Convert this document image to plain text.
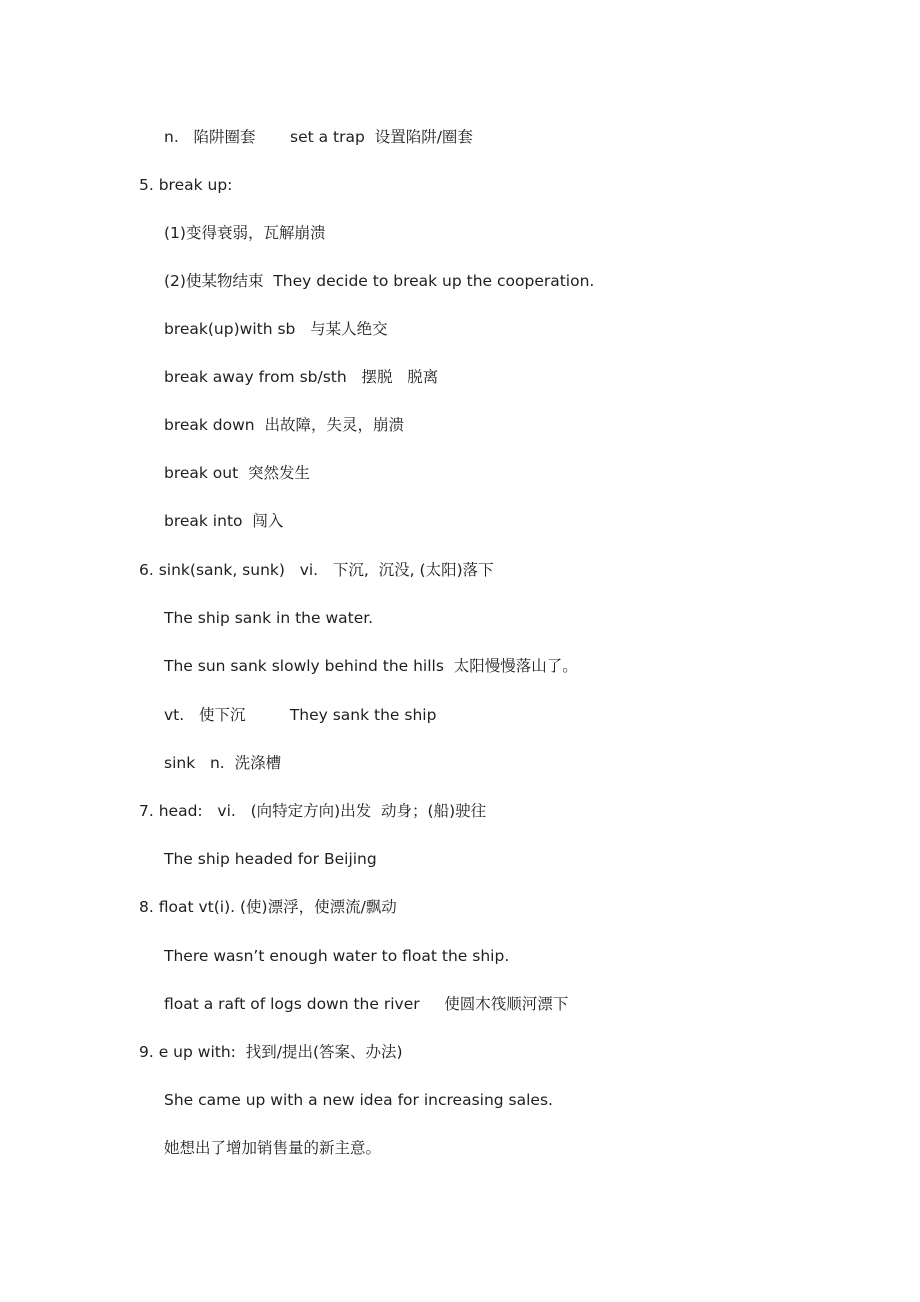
n.   陷阱圈套       set a trap  设置陷阱/圈套
5. break up:
(1)变得衰弱，瓦解崩溃
(2)使某物结束  They decide to break up the cooperation.
break(up)with sb   与某人绝交
break away from sb/sth   摆脱   脱离
break down  出故障，失灵，崩溃
break out  突然发生
break into  闯入
6. sink(sank, sunk)   vi.   下沉,  沉没, (太阳)落下
The ship sank in the water.
The sun sank slowly behind the hills  太阳慢慢落山了。
vt.   使下沉         They sank the ship
sink   n.  洗涤槽
7. head:   vi.   (向特定方向)出发  动身；(船)驶往
The ship headed for Beijing
8. float vt(i). (使)漂浮，使漂流/飘动
There wasn’t enough water to float the ship.
float a raft of logs down the river     使圆木筏顺河漂下
9. e up with:  找到/提出(答案、办法)
She came up with a new idea for increasing sales.
她想出了增加销售量的新主意。
